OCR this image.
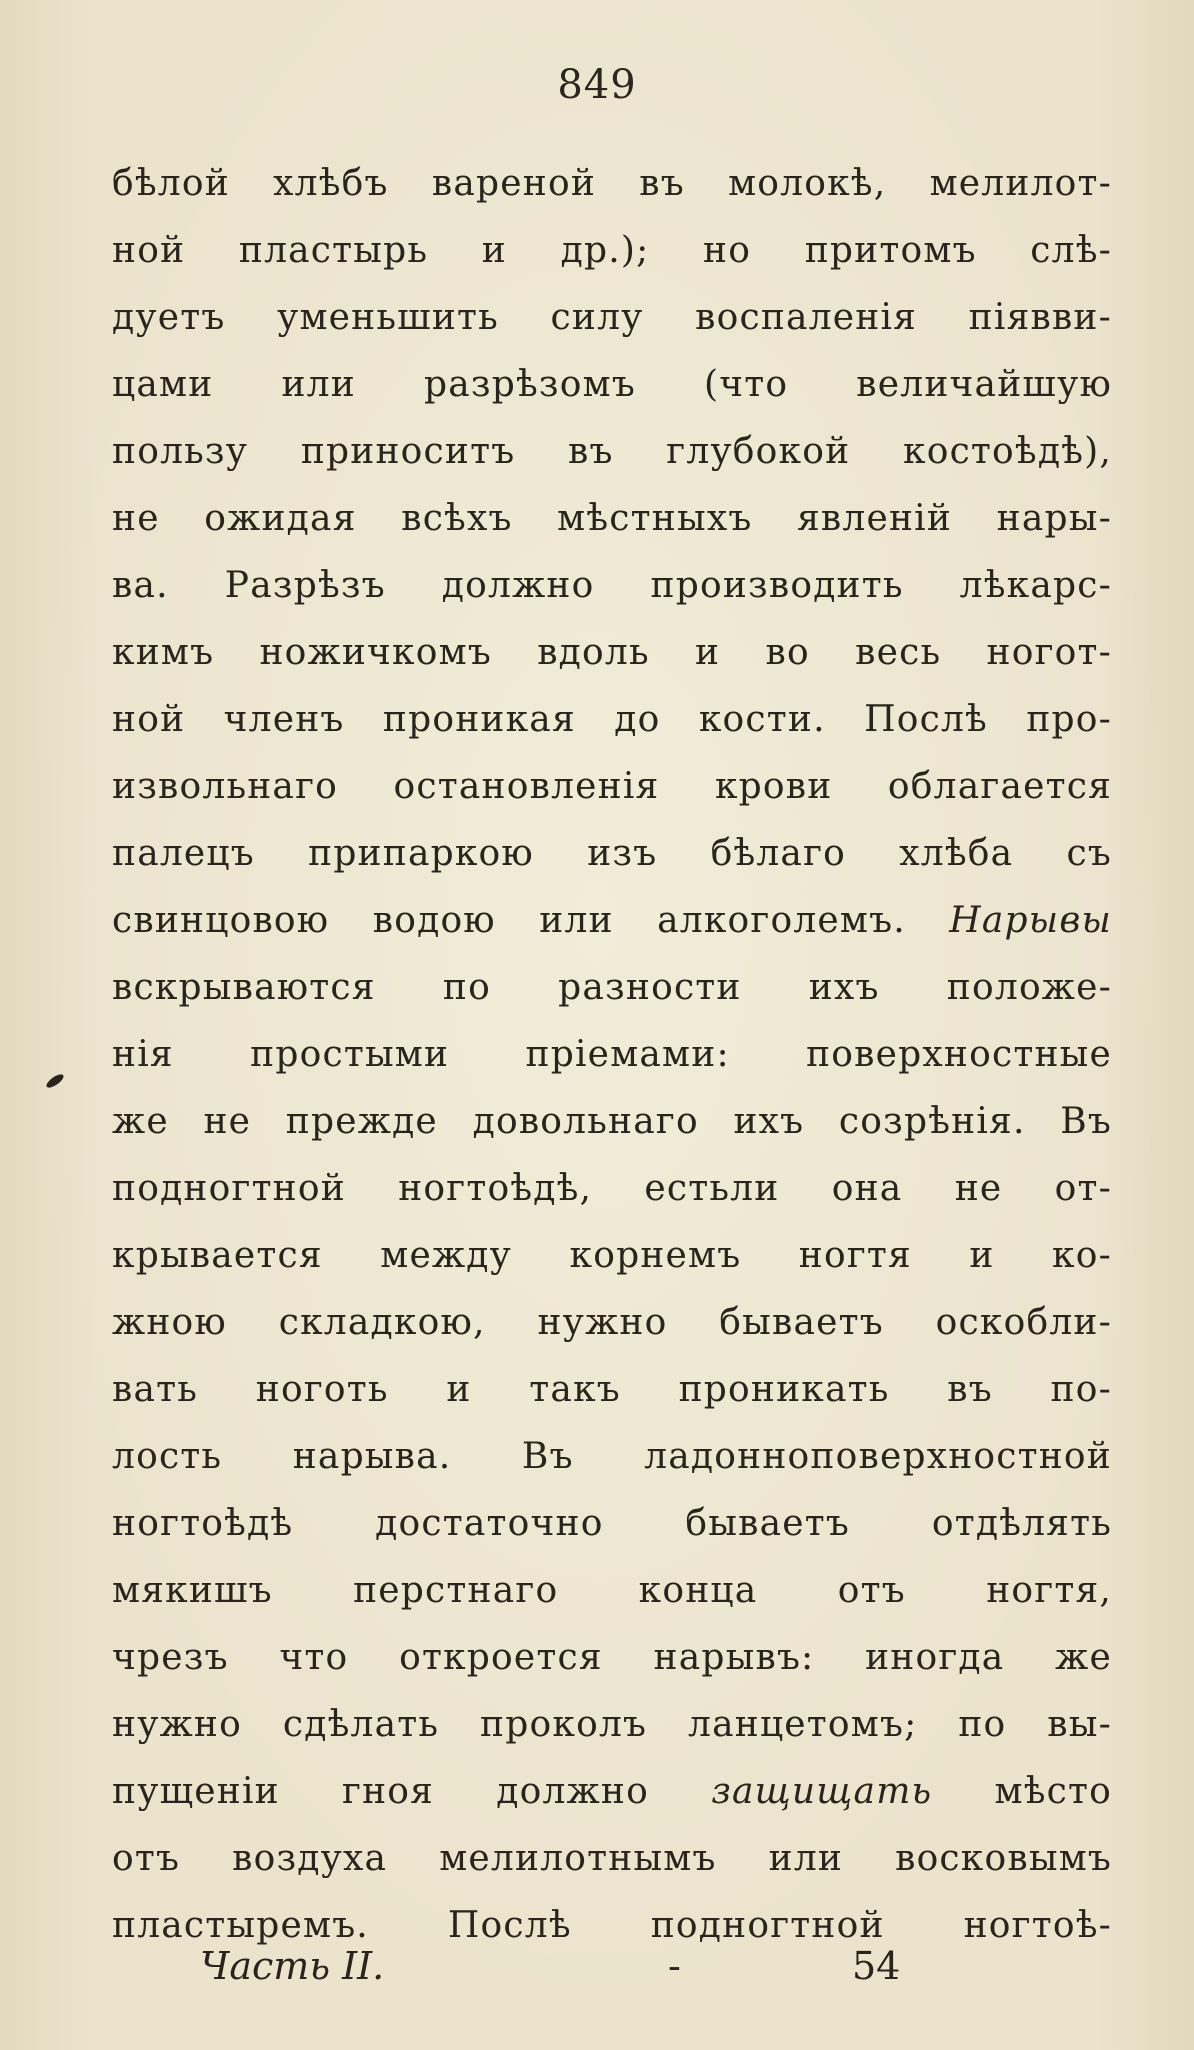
849
бѣлой хлѣбъ вареной въ молокѣ, мелилот-
ной пластырь и др.); но притомъ слѣ-
дуетъ уменьшить силу воспаленія пiявви-
цами или разрѣзомъ (что величайшую
пользу приноситъ въ глубокой костоѣдѣ),
не ожидая всѣхъ мѣстныхъ явленій нары-
ва. Разрѣзъ должно производить лѣкарс-
кимъ ножичкомъ вдоль и во весь ногот-
ной членъ проникая до кости. Послѣ про-
извольнаго остановленія крови облагается
палецъ припаркою изъ бѣлаго хлѣба съ
свинцовою водою или алкоголемъ. Нарывы
вскрываются по разности ихъ положе-
нія простыми пріемами: поверхностные
же не прежде довольнаго ихъ созрѣнія. Въ
подногтной ногтоѣдѣ, естьли она не от-
крывается между корнемъ ногтя и ко-
жною складкою, нужно бываетъ оскобли-
вать ноготь и такъ проникать въ по-
лость нарыва. Въ ладонноповерхностной
ногтоѣдѣ достаточно бываетъ отдѣлять
мякишъ перстнаго конца отъ ногтя,
чрезъ что откроется нарывъ: иногда же
нужно сдѣлать проколъ ланцетомъ; по вы-
пущеніи гноя должно защищать мѣсто
отъ воздуха мелилотнымъ или восковымъ
пластыремъ. Послѣ подногтной ногтоѣ-
Часть II.	-	54
